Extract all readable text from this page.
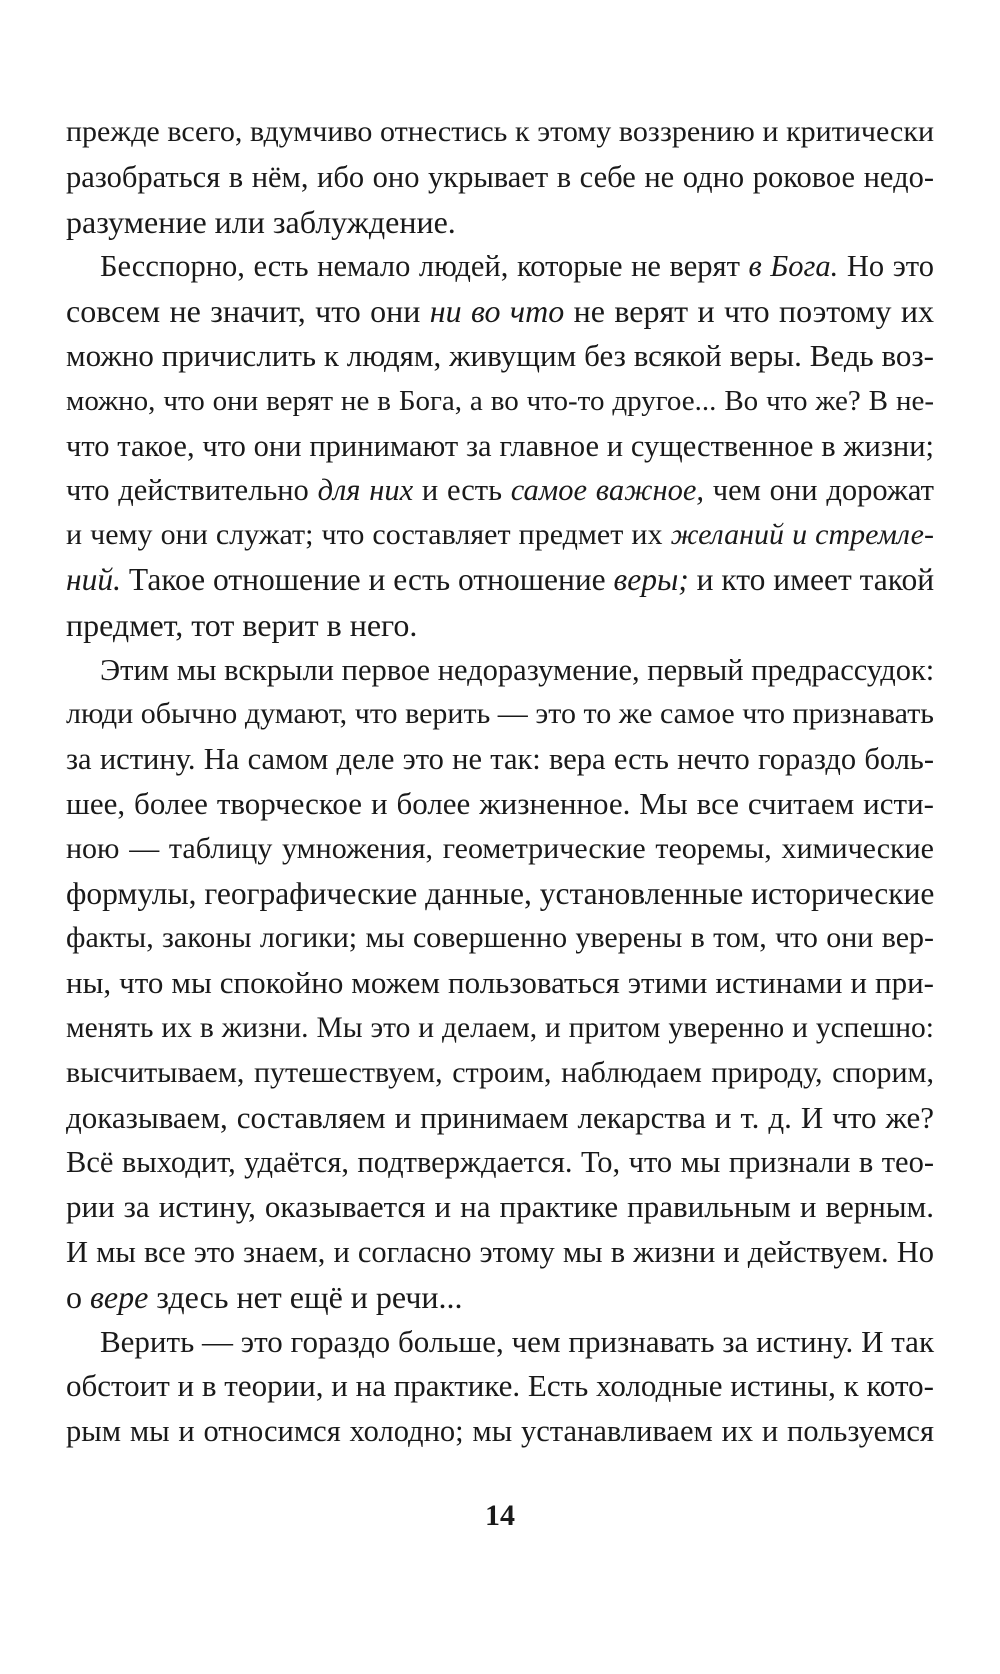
прежде всего, вдумчиво отнестись к этому воззрению и критически
разобраться в нём, ибо оно укрывает в себе не одно роковое недо-
разумение или заблуждение.
Бесспорно, есть немало людей, которые не верят в Бога. Но это
совсем не значит, что они ни во что не верят и что поэтому их
можно причислить к людям, живущим без всякой веры. Ведь воз-
можно, что они верят не в Бога, а во что-то другое... Во что же? В не-
что такое, что они принимают за главное и существенное в жизни;
что действительно для них и есть самое важное, чем они дорожат
и чему они служат; что составляет предмет их желаний и стремле-
ний. Такое отношение и есть отношение веры; и кто имеет такой
предмет, тот верит в него.
Этим мы вскрыли первое недоразумение, первый предрассудок:
люди обычно думают, что верить — это то же самое что признавать
за истину. На самом деле это не так: вера есть нечто гораздо боль-
шее, более творческое и более жизненное. Мы все считаем исти-
ною — таблицу умножения, геометрические теоремы, химические
формулы, географические данные, установленные исторические
факты, законы логики; мы совершенно уверены в том, что они вер-
ны, что мы спокойно можем пользоваться этими истинами и при-
менять их в жизни. Мы это и делаем, и притом уверенно и успешно:
высчитываем, путешествуем, строим, наблюдаем природу, спорим,
доказываем, составляем и принимаем лекарства и т. д. И что же?
Всё выходит, удаётся, подтверждается. То, что мы признали в тео-
рии за истину, оказывается и на практике правильным и верным.
И мы все это знаем, и согласно этому мы в жизни и действуем. Но
о вере здесь нет ещё и речи...
Верить — это гораздо больше, чем признавать за истину. И так
обстоит и в теории, и на практике. Есть холодные истины, к кото-
рым мы и относимся холодно; мы устанавливаем их и пользуемся
14
